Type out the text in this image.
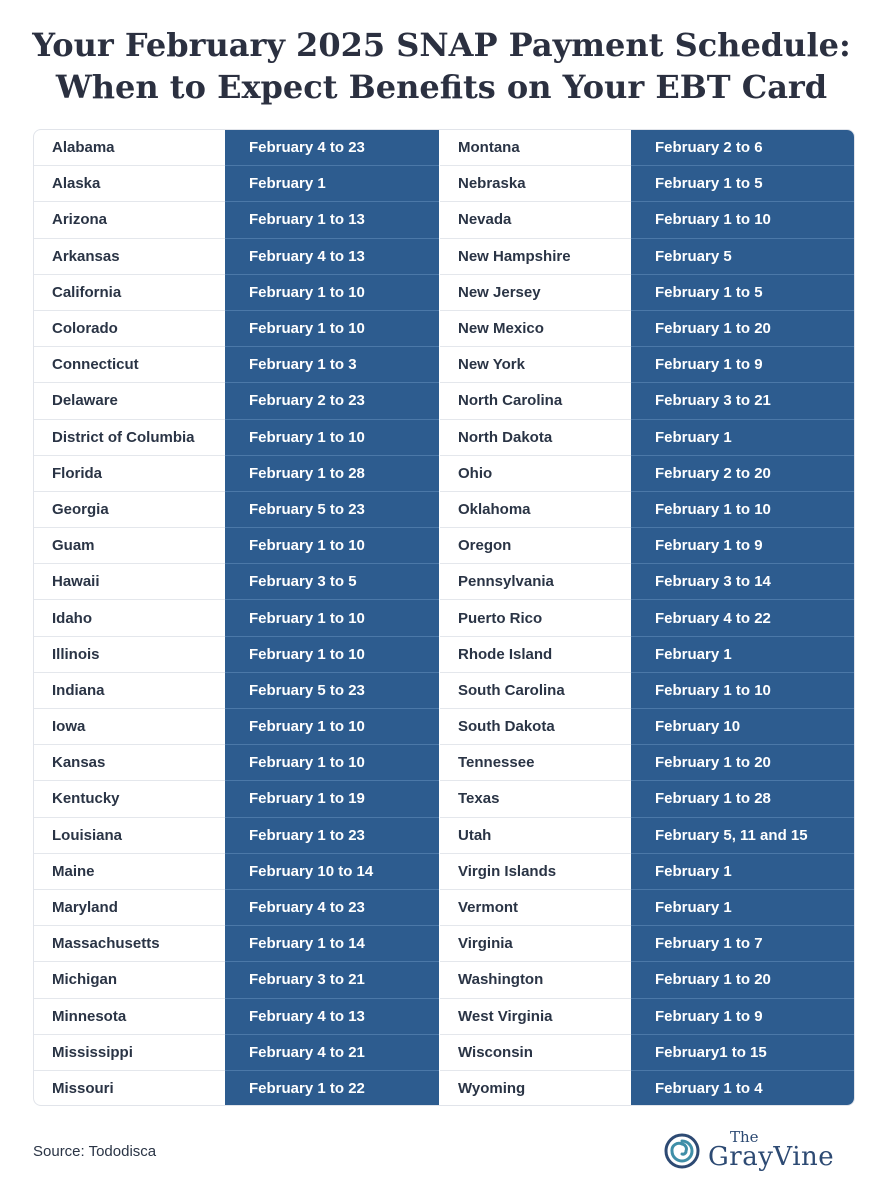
Your February 2025 SNAP Payment Schedule:
When to Expect Benefits on Your EBT Card
Alabama	February 4 to 23
Alaska	February 1
Arizona	February 1 to 13
Arkansas	February 4 to 13
California	February 1 to 10
Colorado	February 1 to 10
Connecticut	February 1 to 3
Delaware	February 2 to 23
District of Columbia	February 1 to 10
Florida	February 1 to 28
Georgia	February 5 to 23
Guam	February 1 to 10
Hawaii	February 3 to 5
Idaho	February 1 to 10
Illinois	February 1 to 10
Indiana	February 5 to 23
Iowa	February 1 to 10
Kansas	February 1 to 10
Kentucky	February 1 to 19
Louisiana	February 1 to 23
Maine	February 10 to 14
Maryland	February 4 to 23
Massachusetts	February 1 to 14
Michigan	February 3 to 21
Minnesota	February 4 to 13
Mississippi	February 4 to 21
Missouri	February 1 to 22
Montana	February 2 to 6
Nebraska	February 1 to 5
Nevada	February 1 to 10
New Hampshire	February 5
New Jersey	February 1 to 5
New Mexico	February 1 to 20
New York	February 1 to 9
North Carolina	February 3 to 21
North Dakota	February 1
Ohio	February 2 to 20
Oklahoma	February 1 to 10
Oregon	February 1 to 9
Pennsylvania	February 3 to 14
Puerto Rico	February 4 to 22
Rhode Island	February 1
South Carolina	February 1 to 10
South Dakota	February 10
Tennessee	February 1 to 20
Texas	February 1 to 28
Utah	February 5, 11 and 15
Virgin Islands	February 1
Vermont	February 1
Virginia	February 1 to 7
Washington	February 1 to 20
West Virginia	February 1 to 9
Wisconsin	February1 to 15
Wyoming	February 1 to 4
Source: Tododisca
The
GrayVine
